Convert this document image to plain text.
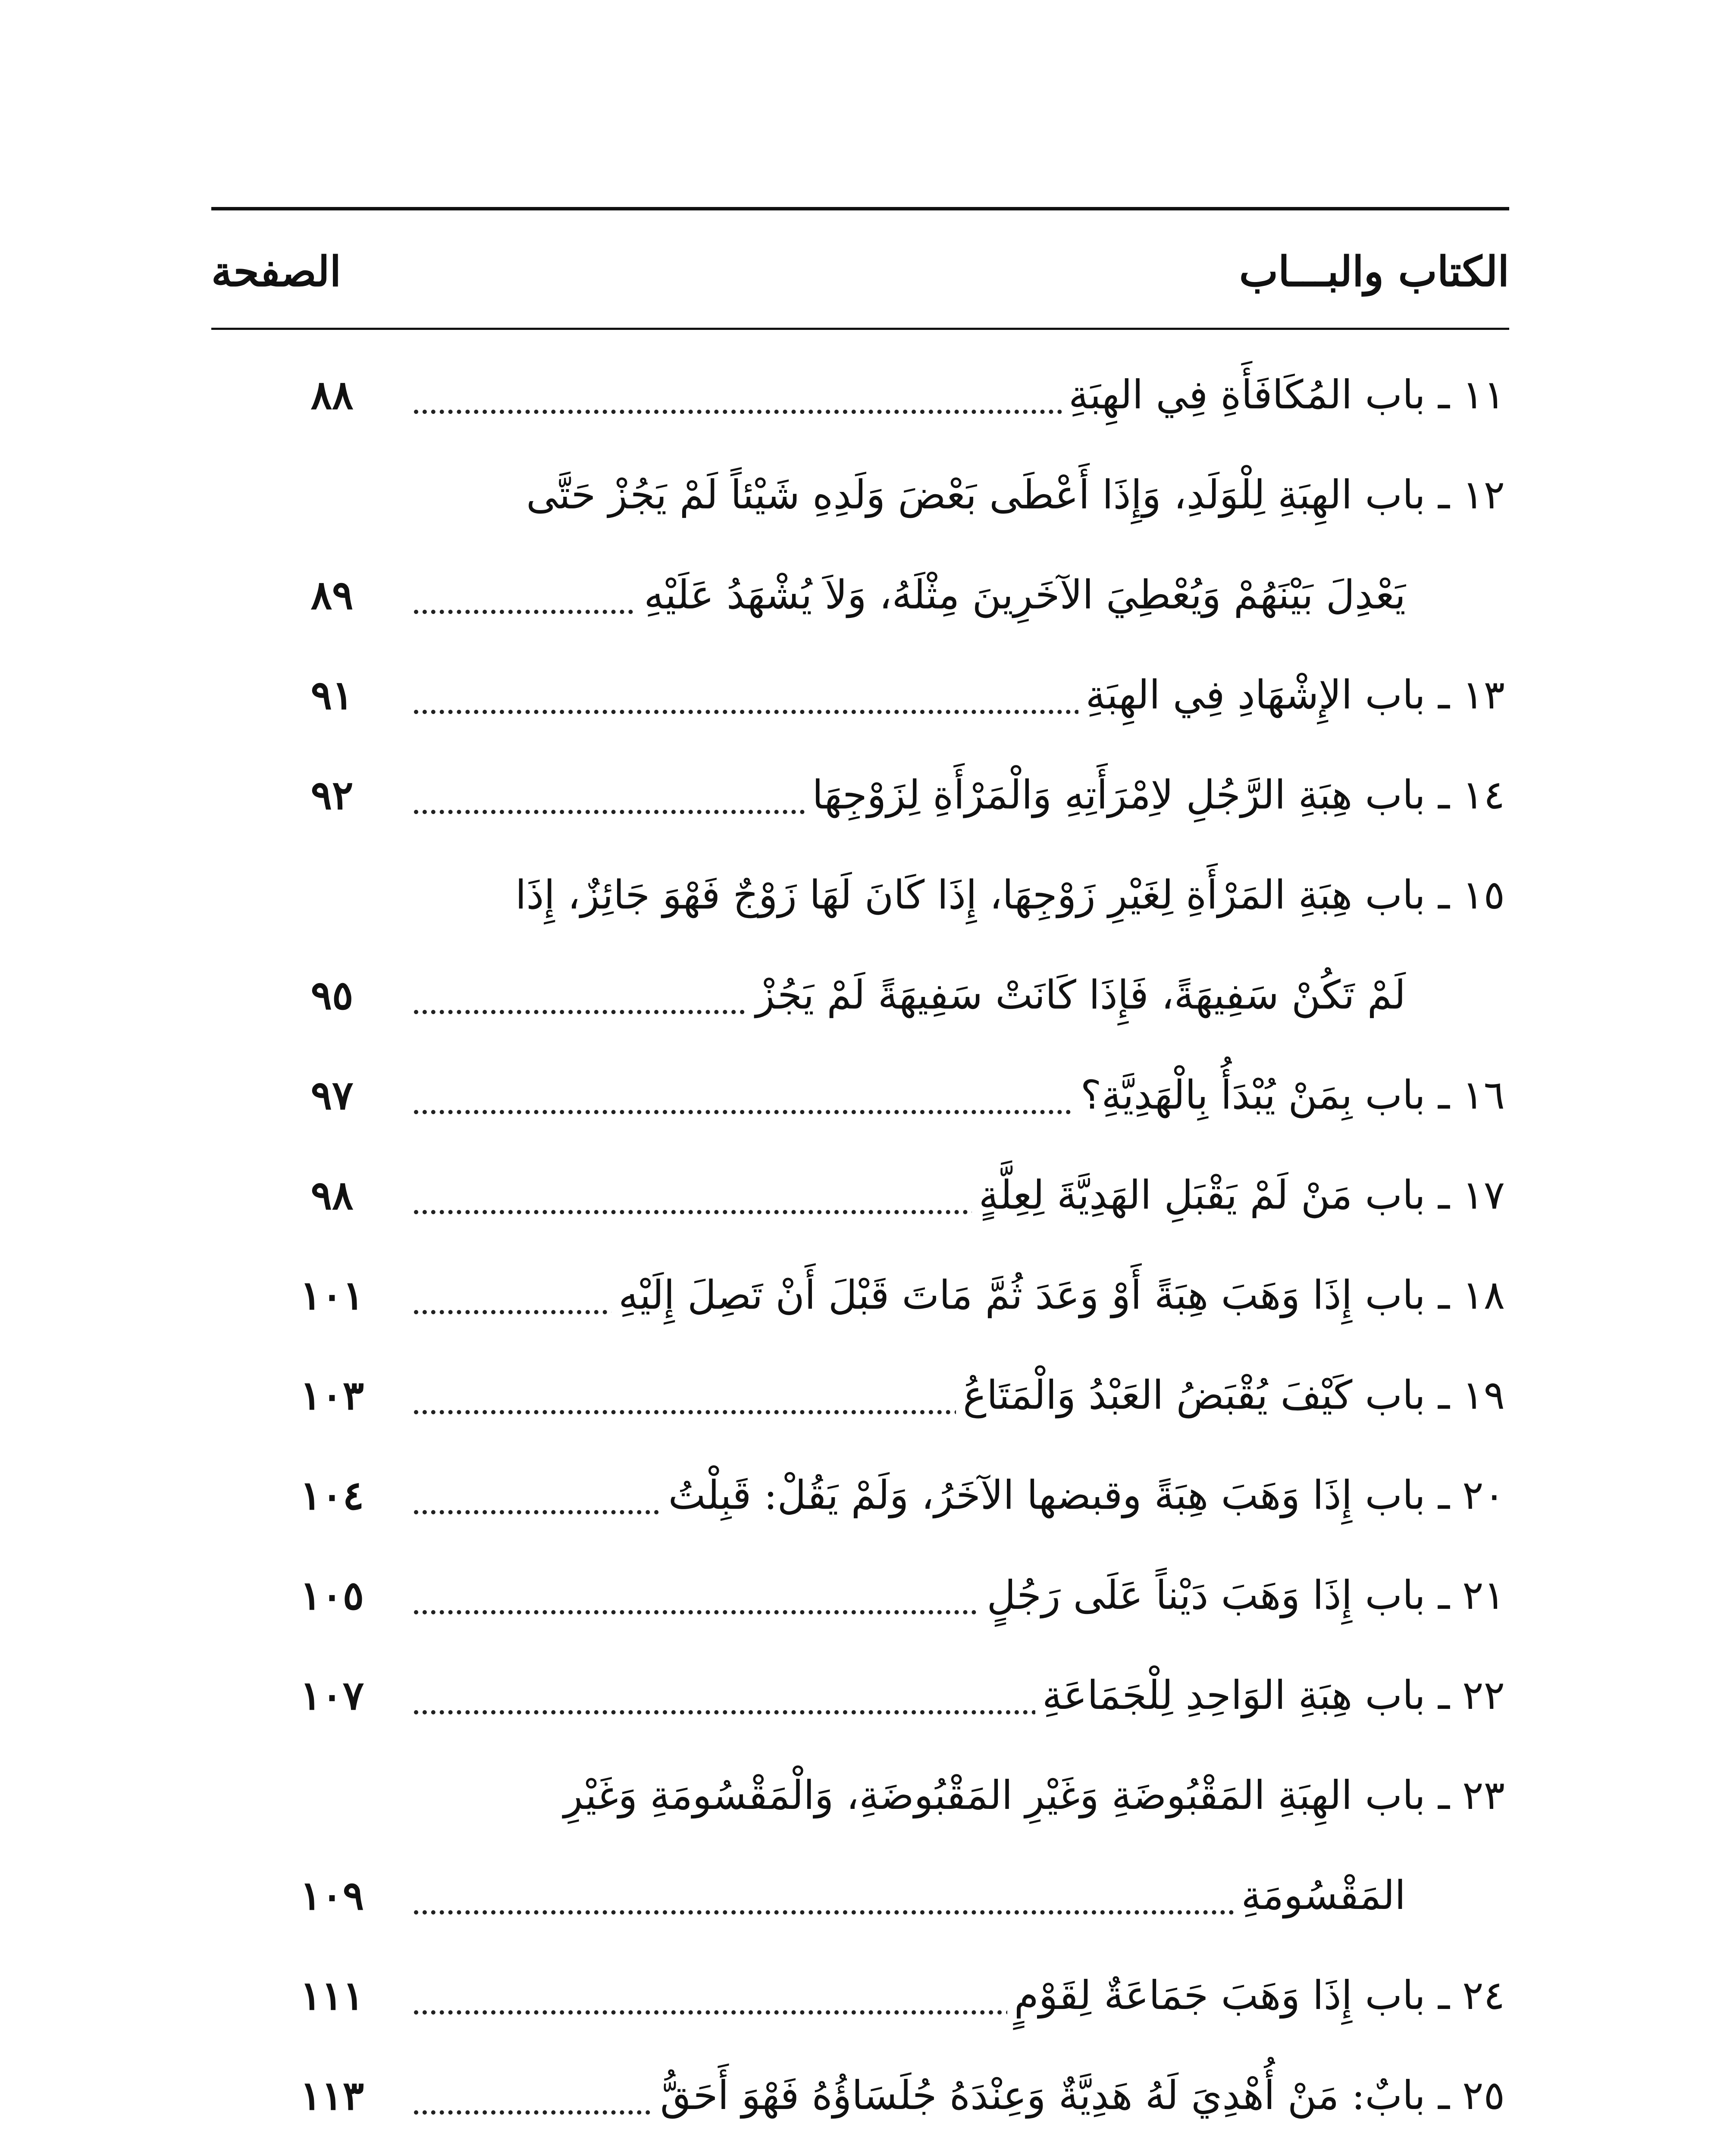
الكتاب والبـــاب
الصفحة
١١ ـ باب المُكَافَأَةِ فِي الهِبَةِ
٨٨
١٢ ـ باب الهِبَةِ لِلْوَلَدِ، وَإِذَا أَعْطَى بَعْضَ وَلَدِهِ شَيْئاً لَمْ يَجُزْ حَتَّى
يَعْدِلَ بَيْنَهُمْ وَيُعْطِيَ الآخَرِينَ مِثْلَهُ، وَلاَ يُشْهَدُ عَلَيْهِ
٨٩
١٣ ـ باب الإِشْهَادِ فِي الهِبَةِ
٩١
١٤ ـ باب هِبَةِ الرَّجُلِ لاِمْرَأَتِهِ وَالْمَرْأَةِ لِزَوْجِهَا
٩٢
١٥ ـ باب هِبَةِ المَرْأَةِ لِغَيْرِ زَوْجِهَا، إِذَا كَانَ لَهَا زَوْجٌ فَهْوَ جَائِزٌ، إِذَا
لَمْ تَكُنْ سَفِيهَةً، فَإِذَا كَانَتْ سَفِيهَةً لَمْ يَجُزْ
٩٥
١٦ ـ باب بِمَنْ يُبْدَأُ بِالْهَدِيَّةِ؟
٩٧
١٧ ـ باب مَنْ لَمْ يَقْبَلِ الهَدِيَّةَ لِعِلَّةٍ
٩٨
١٨ ـ باب إِذَا وَهَبَ هِبَةً أَوْ وَعَدَ ثُمَّ مَاتَ قَبْلَ أَنْ تَصِلَ إِلَيْهِ
١٠١
١٩ ـ باب كَيْفَ يُقْبَضُ العَبْدُ وَالْمَتَاعُ
١٠٣
٢٠ ـ باب إِذَا وَهَبَ هِبَةً وقبضها الآخَرُ، وَلَمْ يَقُلْ: قَبِلْتُ
١٠٤
٢١ ـ باب إِذَا وَهَبَ دَيْناً عَلَى رَجُلٍ
١٠٥
٢٢ ـ باب هِبَةِ الوَاحِدِ لِلْجَمَاعَةِ
١٠٧
٢٣ ـ باب الهِبَةِ المَقْبُوضَةِ وَغَيْرِ المَقْبُوضَةِ، وَالْمَقْسُومَةِ وَغَيْرِ
المَقْسُومَةِ
١٠٩
٢٤ ـ باب إِذَا وَهَبَ جَمَاعَةٌ لِقَوْمٍ
١١١
٢٥ ـ بابٌ: مَنْ أُهْدِيَ لَهُ هَدِيَّةٌ وَعِنْدَهُ جُلَسَاؤُهُ فَهْوَ أَحَقُّ
١١٣
